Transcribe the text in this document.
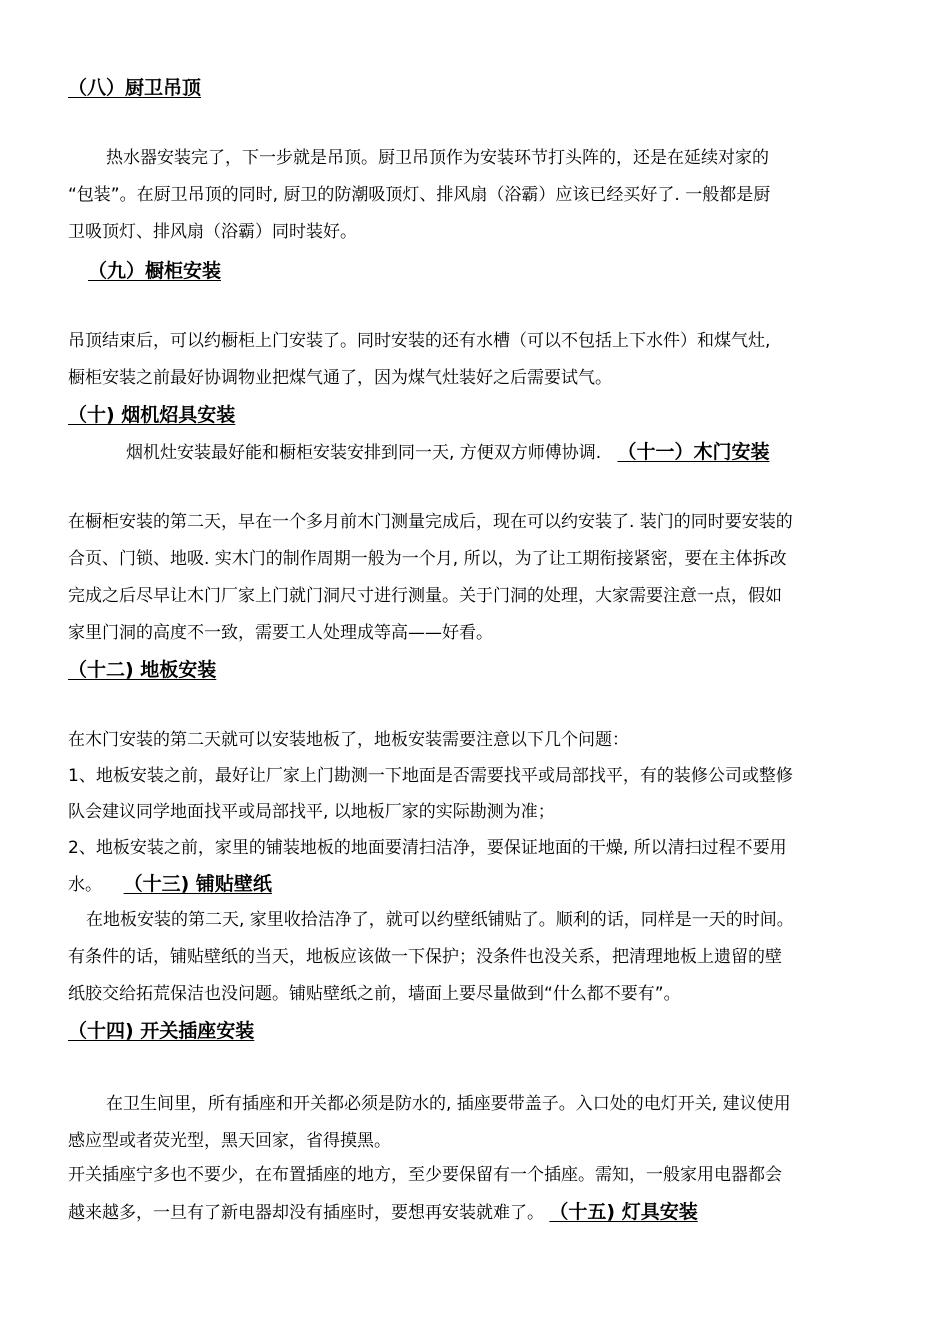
（八）厨卫吊顶
热水器安装完了，下一步就是吊顶。厨卫吊顶作为安装环节打头阵的，还是在延续对家的
“包装”。在厨卫吊顶的同时, 厨卫的防潮吸顶灯、排风扇（浴霸）应该已经买好了. 一般都是厨
卫吸顶灯、排风扇（浴霸）同时装好。
（九）橱柜安装
吊顶结束后，可以约橱柜上门安装了。同时安装的还有水槽（可以不包括上下水件）和煤气灶,
橱柜安装之前最好协调物业把煤气通了，因为煤气灶装好之后需要试气。
（十) 烟机炤具安装
烟机灶安装最好能和橱柜安装安排到同一天, 方便双方师傅协调. （十一）木门安装
在橱柜安装的第二天，早在一个多月前木门测量完成后，现在可以约安装了. 装门的同时要安装的
合页、门锁、地吸. 实木门的制作周期一般为一个月, 所以，为了让工期衔接紧密，要在主体拆改
完成之后尽早让木门厂家上门就门洞尺寸进行测量。关于门洞的处理，大家需要注意一点，假如
家里门洞的高度不一致，需要工人处理成等高——好看。
（十二) 地板安装
在木门安装的第二天就可以安装地板了，地板安装需要注意以下几个问题：
1、地板安装之前，最好让厂家上门勘测一下地面是否需要找平或局部找平，有的装修公司或整修
队会建议同学地面找平或局部找平, 以地板厂家的实际勘测为准；
2、地板安装之前，家里的铺装地板的地面要清扫洁净，要保证地面的干燥, 所以清扫过程不要用
水。 （十三) 铺贴壁纸
在地板安装的第二天, 家里收拾洁净了，就可以约壁纸铺贴了。顺利的话，同样是一天的时间。
有条件的话，铺贴壁纸的当天，地板应该做一下保护；没条件也没关系，把清理地板上遗留的壁
纸胶交给拓荒保洁也没问题。铺贴壁纸之前，墙面上要尽量做到“什么都不要有”。
（十四) 开关插座安装
在卫生间里，所有插座和开关都必须是防水的, 插座要带盖子。入口处的电灯开关, 建议使用
感应型或者荧光型，黑天回家，省得摸黑。
开关插座宁多也不要少，在布置插座的地方，至少要保留有一个插座。需知，一般家用电器都会
越来越多，一旦有了新电器却没有插座时，要想再安装就难了。 （十五) 灯具安装
